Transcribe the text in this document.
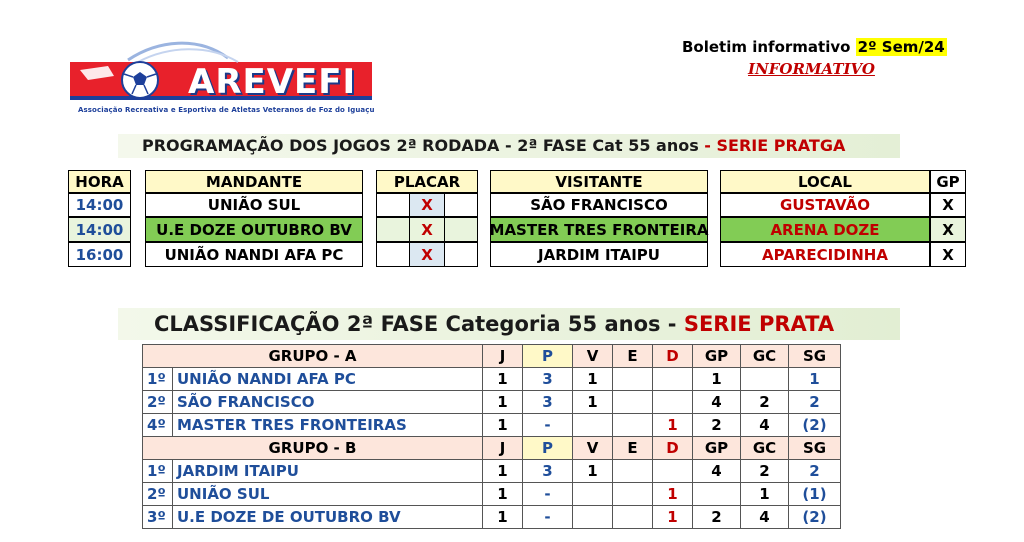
AREVEFI
Associação Recreativa e Esportiva de Atletas Veteranos de Foz do Iguaçu
Boletim informativo 2º Sem/24
INFORMATIVO
PROGRAMAÇÃO DOS JOGOS 2ª RODADA - 2ª FASE Cat 55 anos - SERIE PRATGA
HORA	MANDANTE	PLACAR	VISITANTE	LOCAL	GP
14:00	UNIÃO SUL	X	SÃO FRANCISCO	GUSTAVÃO	X
14:00	U.E DOZE OUTUBRO BV	X	MASTER TRES FRONTEIRA	ARENA DOZE	X
16:00	UNIÃO NANDI AFA PC	X	JARDIM ITAIPU	APARECIDINHA	X
CLASSIFICAÇÃO 2ª FASE Categoria 55 anos - SERIE PRATA
GRUPO - A		J	P	V	E	D	GP	GC	SG
1º	UNIÃO NANDI AFA PC	1	3	1			1		1
2º	SÃO FRANCISCO	1	3	1			4	2	2
4º	MASTER TRES FRONTEIRAS	1	-			1	2	4	(2)
GRUPO - B		J	P	V	E	D	GP	GC	SG
1º	JARDIM ITAIPU	1	3	1			4	2	2
2º	UNIÃO SUL	1	-			1		1	(1)
3º	U.E DOZE DE OUTUBRO BV	1	-			1	2	4	(2)
